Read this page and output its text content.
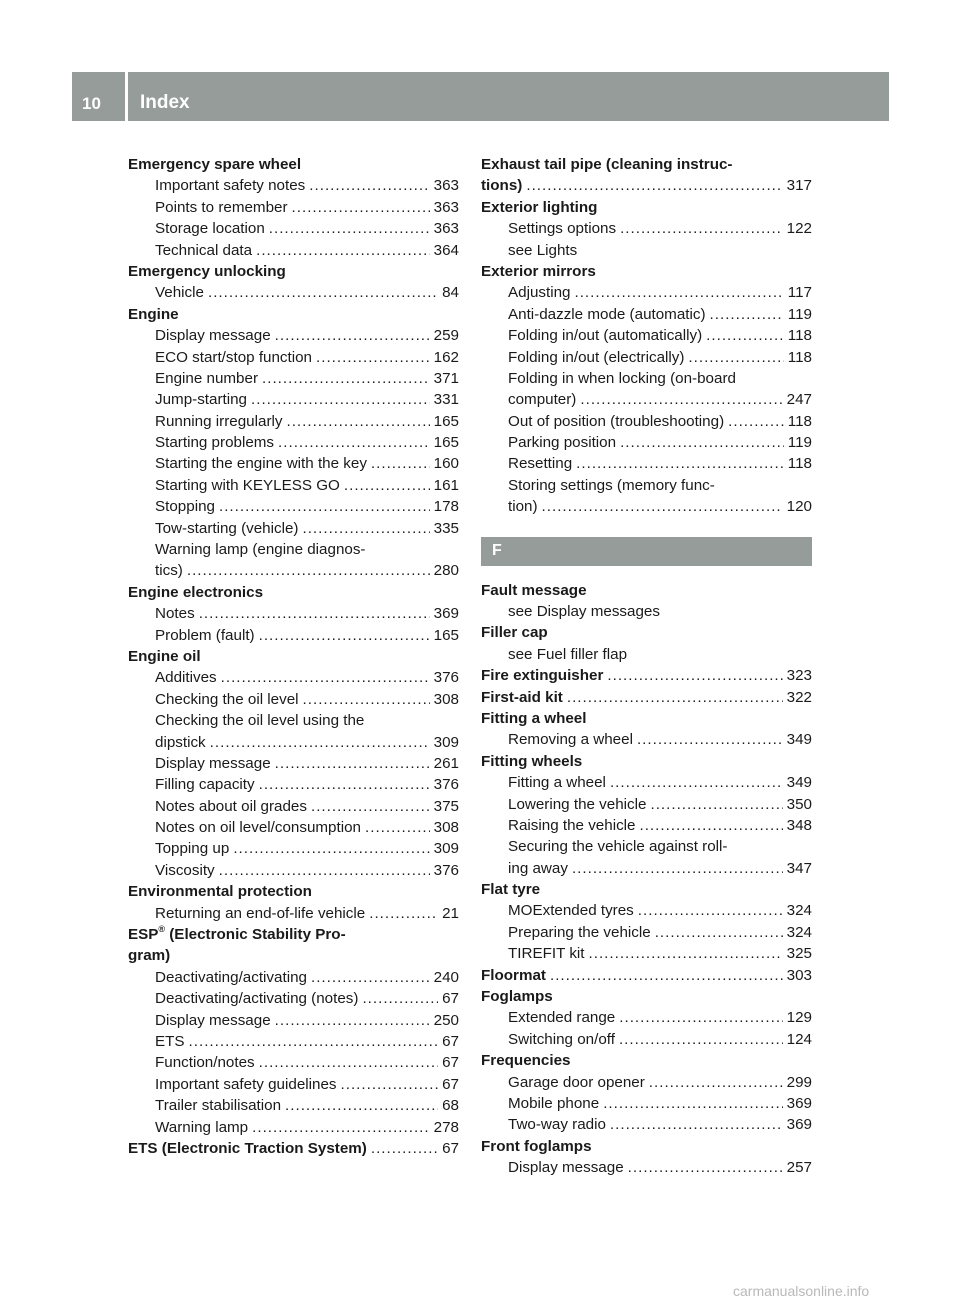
10 Index
Emergency spare wheel
Important safety notes .....	363
Points to remember .....	363
Storage location .....	363
Technical data .....	364
Emergency unlocking
Vehicle .....	84
Engine
Display message .....	259
ECO start/stop function .....	162
Engine number .....	371
Jump-starting .....	331
Running irregularly .....	165
Starting problems .....	165
Starting the engine with the key .....	160
Starting with KEYLESS GO .....	161
Stopping .....	178
Tow-starting (vehicle) .....	335
Warning lamp (engine diagnos-
tics) .....	280
Engine electronics
Notes .....	369
Problem (fault) .....	165
Engine oil
Additives .....	376
Checking the oil level .....	308
Checking the oil level using the
dipstick .....	309
Display message .....	261
Filling capacity .....	376
Notes about oil grades .....	375
Notes on oil level/consumption .....	308
Topping up .....	309
Viscosity .....	376
Environmental protection
Returning an end-of-life vehicle .....	21
ESP® (Electronic Stability Pro-
gram)
Deactivating/activating .....	240
Deactivating/activating (notes) .....	67
Display message .....	250
ETS .....	67
Function/notes .....	67
Important safety guidelines .....	67
Trailer stabilisation .....	68
Warning lamp .....	278
ETS (Electronic Traction System) .....	67
Exhaust tail pipe (cleaning instruc-
tions) .....	317
Exterior lighting
Settings options .....	122
see Lights
Exterior mirrors
Adjusting .....	117
Anti-dazzle mode (automatic) .....	119
Folding in/out (automatically) .....	118
Folding in/out (electrically) .....	118
Folding in when locking (on-board
computer) .....	247
Out of position (troubleshooting) .....	118
Parking position .....	119
Resetting .....	118
Storing settings (memory func-
tion) .....	120
F
Fault message
see Display messages
Filler cap
see Fuel filler flap
Fire extinguisher .....	323
First-aid kit .....	322
Fitting a wheel
Removing a wheel .....	349
Fitting wheels
Fitting a wheel .....	349
Lowering the vehicle .....	350
Raising the vehicle .....	348
Securing the vehicle against roll-
ing away .....	347
Flat tyre
MOExtended tyres .....	324
Preparing the vehicle .....	324
TIREFIT kit .....	325
Floormat .....	303
Foglamps
Extended range .....	129
Switching on/off .....	124
Frequencies
Garage door opener .....	299
Mobile phone .....	369
Two-way radio .....	369
Front foglamps
Display message .....	257
carmanualsonline.info
